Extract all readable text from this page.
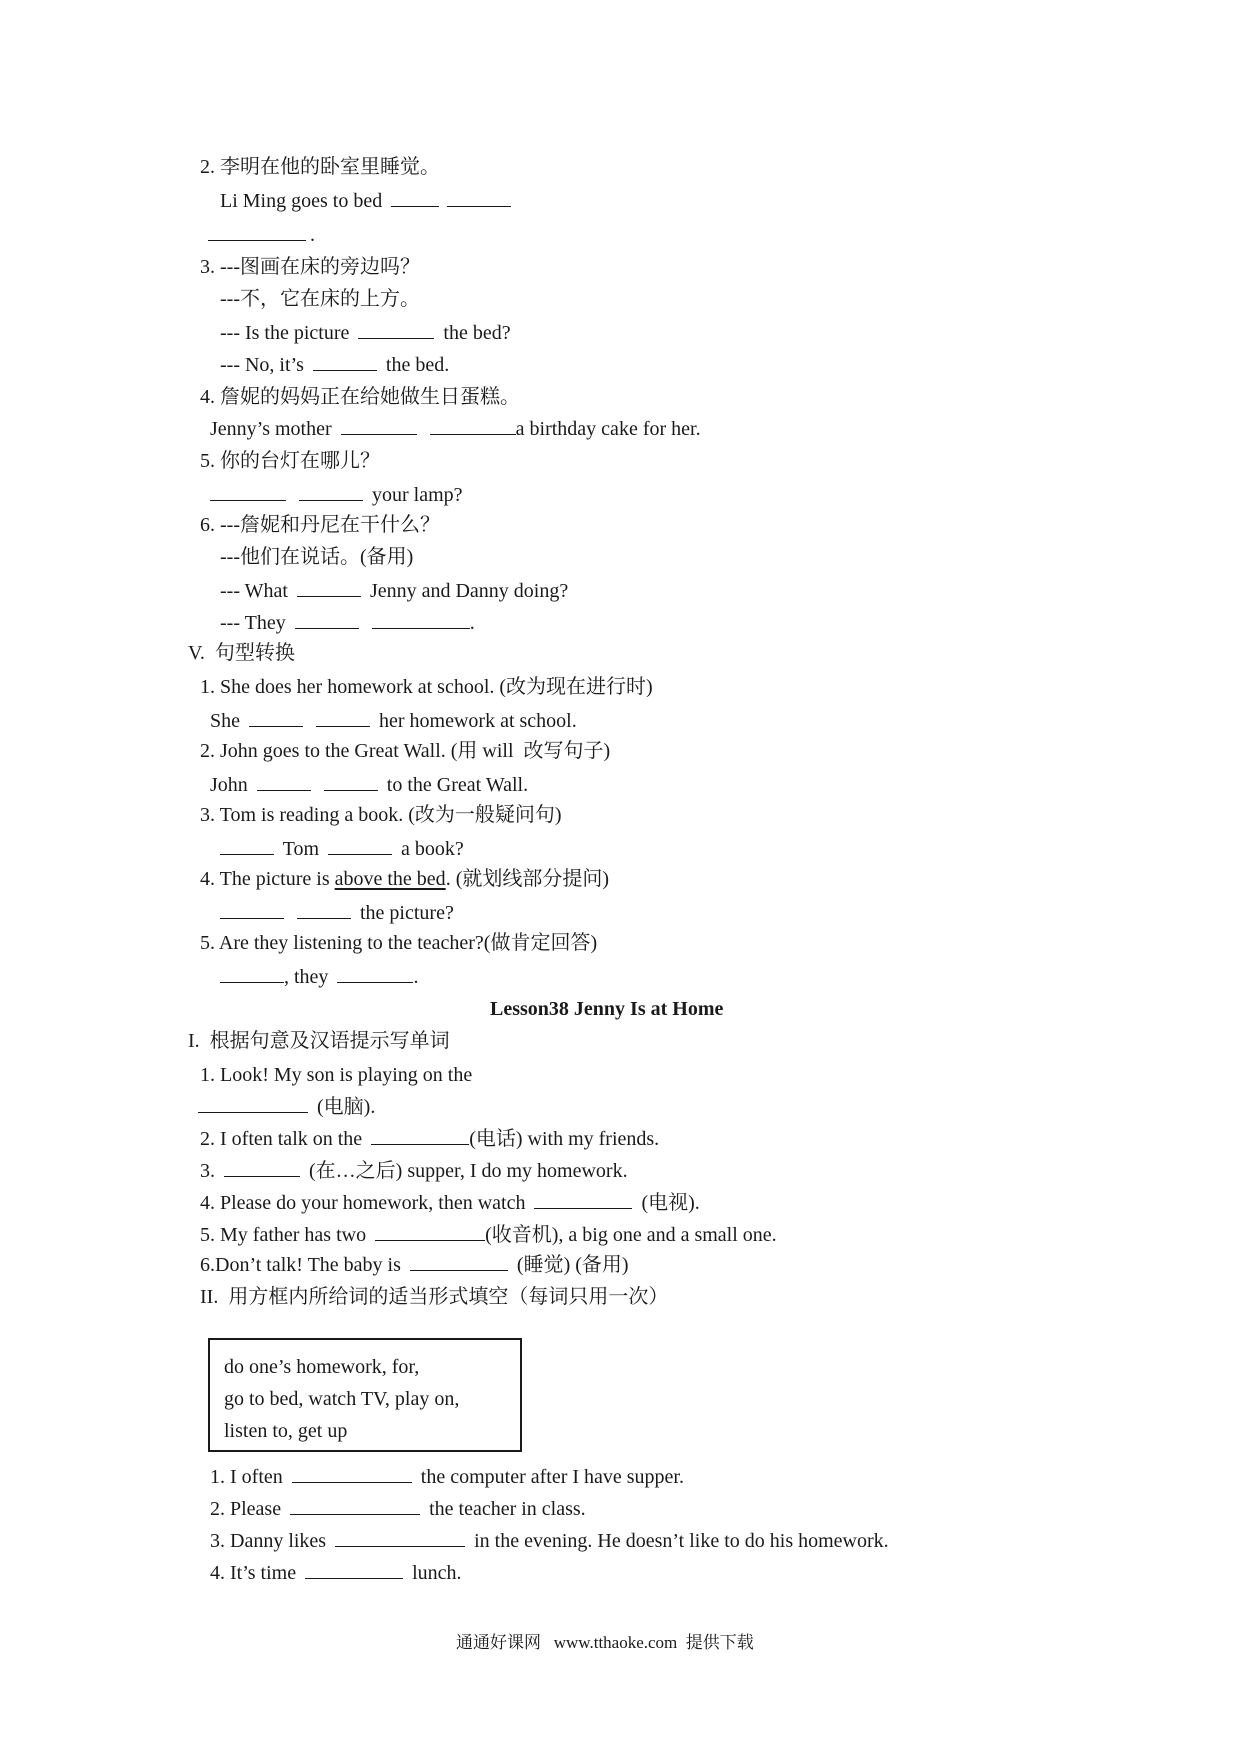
2. 李明在他的卧室里睡觉。
Li Ming goes to bed
.
3. ---图画在床的旁边吗？
---不，它在床的上方。
--- Is the picture	the bed?
--- No, it’s	the bed.
4. 詹妮的妈妈正在给她做生日蛋糕。
Jenny’s mother	a birthday cake for her.
5. 你的台灯在哪儿？
your lamp?
6. ---詹妮和丹尼在干什么？
---他们在说话。(备用)
--- What	Jenny and Danny doing?
--- They	.
V.  句型转换
1. She does her homework at school. (改为现在进行时)
She	her homework at school.
2. John goes to the Great Wall. (用 will  改写句子)
John	to the Great Wall.
3. Tom is reading a book. (改为一般疑问句)
Tom	a book?
4. The picture is above the bed. (就划线部分提问)
the picture?
5. Are they listening to the teacher?(做肯定回答)
, they	.
Lesson38 Jenny Is at Home
I.  根据句意及汉语提示写单词
1. Look! My son is playing on the
(电脑).
2. I often talk on the	(电话) with my friends.
3.	(在…之后) supper, I do my homework.
4. Please do your homework, then watch	(电视).
5. My father has two	(收音机), a big one and a small one.
6.Don’t talk! The baby is	(睡觉) (备用)
II.  用方框内所给词的适当形式填空（每词只用一次）
do one’s homework, for,
go to bed, watch TV, play on,
listen to, get up
1. I often	the computer after I have supper.
2. Please	the teacher in class.
3. Danny likes	in the evening. He doesn’t like to do his homework.
4. It’s time	lunch.
通通好课网   www.tthaoke.com  提供下载
